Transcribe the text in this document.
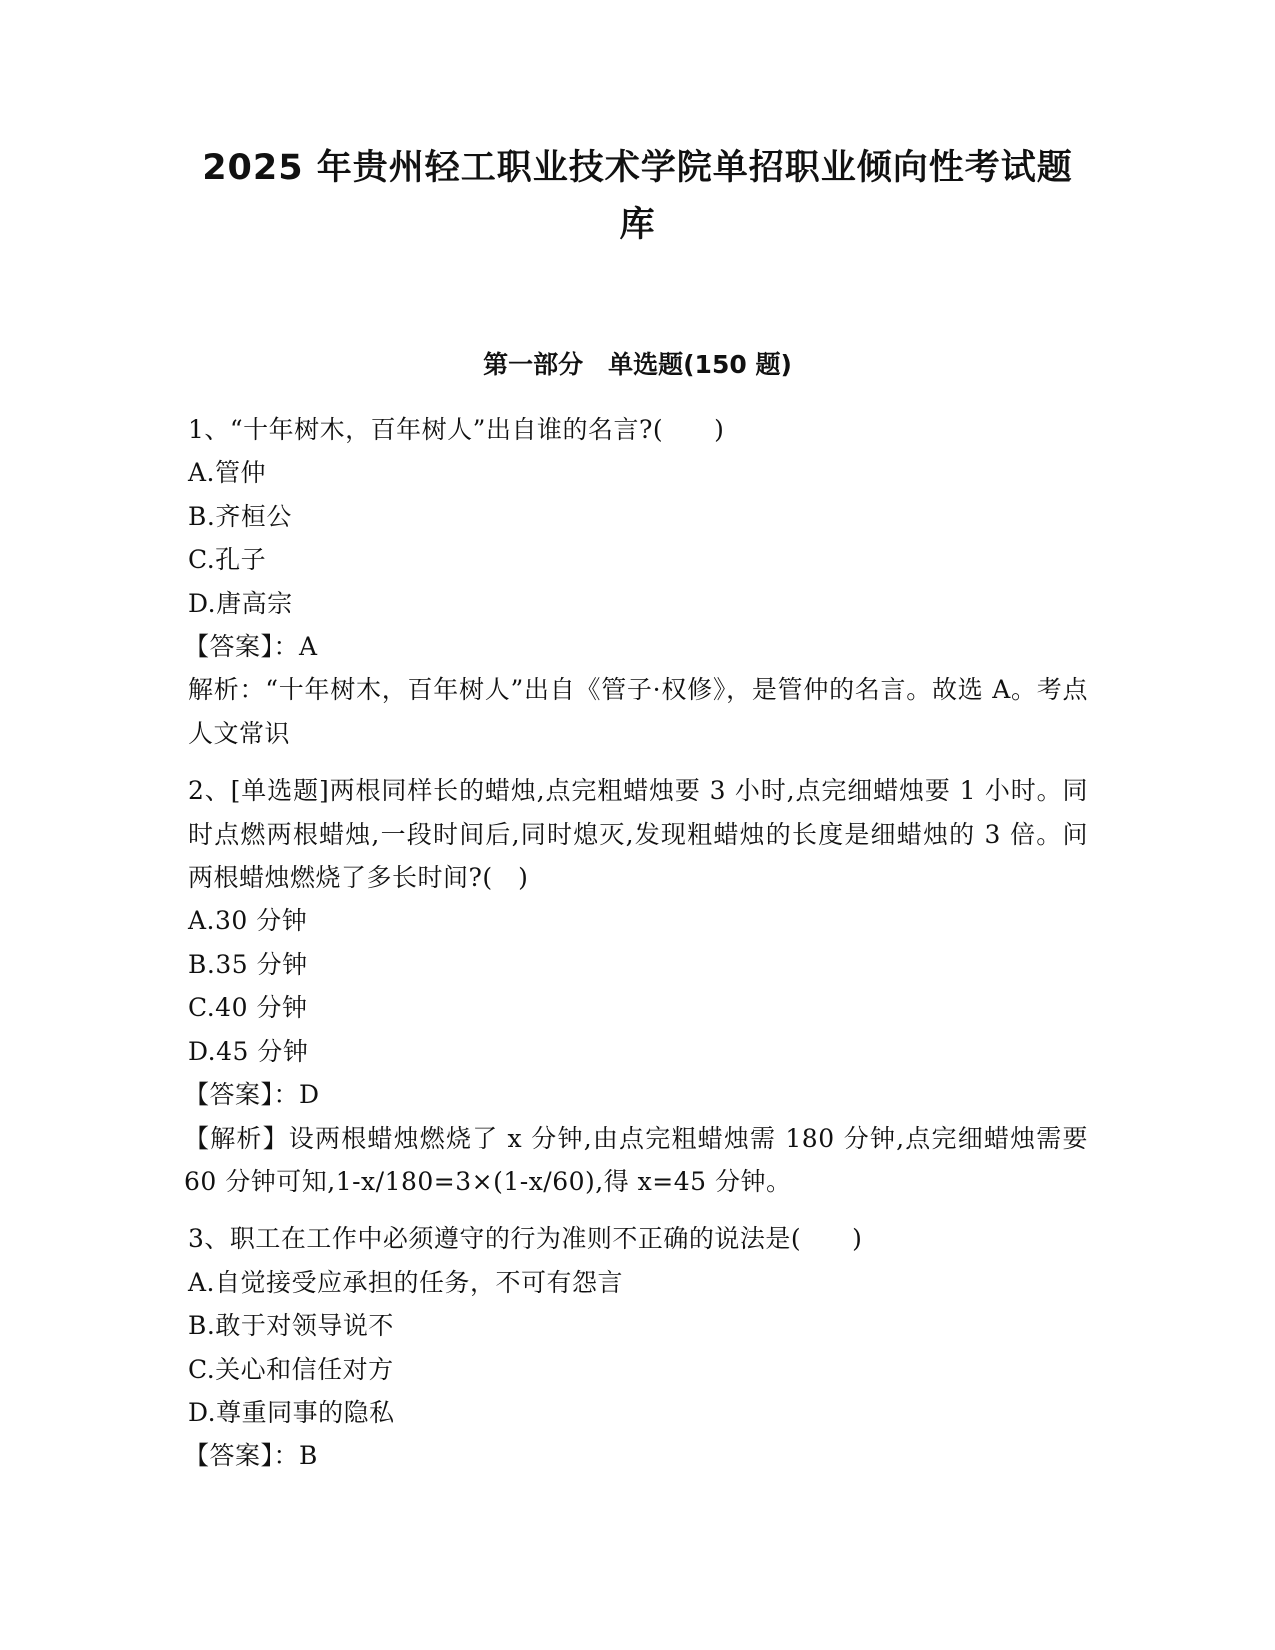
2025 年贵州轻工职业技术学院单招职业倾向性考试题
库
第一部分　单选题(150 题)

1、“十年树木，百年树人”出自谁的名言?(　　)

A.管仲

B.齐桓公

C.孔子

D.唐高宗

【答案】：A

解析：“十年树木，百年树人”出自《管子·权修》，是管仲的名言。故选 A。考点人文常识

2、[单选题]两根同样长的蜡烛,点完粗蜡烛要 3 小时,点完细蜡烛要 1 小时。同时点燃两根蜡烛,一段时间后,同时熄灭,发现粗蜡烛的长度是细蜡烛的 3 倍。问两根蜡烛燃烧了多长时间?(　)

A.30 分钟

B.35 分钟

C.40 分钟

D.45 分钟

【答案】：D

【解析】设两根蜡烛燃烧了 x 分钟,由点完粗蜡烛需 180 分钟,点完细蜡烛需要 60 分钟可知,1-x/180=3×(1-x/60),得 x=45 分钟。

3、职工在工作中必须遵守的行为准则不正确的说法是(　　)

A.自觉接受应承担的任务，不可有怨言

B.敢于对领导说不

C.关心和信任对方

D.尊重同事的隐私

【答案】：B
